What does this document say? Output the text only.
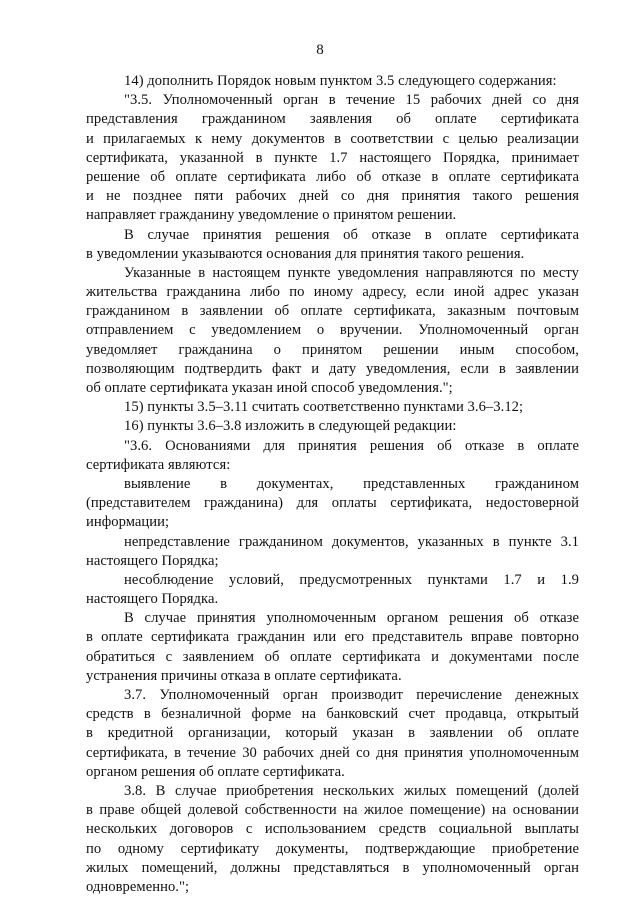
8
14) дополнить Порядок новым пунктом 3.5 следующего содержания:
"3.5. Уполномоченный орган в течение 15 рабочих дней со дня
представления гражданином заявления об оплате сертификата
и прилагаемых к нему документов в соответствии с целью реализации
сертификата, указанной в пункте 1.7 настоящего Порядка, принимает
решение об оплате сертификата либо об отказе в оплате сертификата
и не позднее пяти рабочих дней со дня принятия такого решения
направляет гражданину уведомление о принятом решении.
В случае принятия решения об отказе в оплате сертификата
в уведомлении указываются основания для принятия такого решения.
Указанные в настоящем пункте уведомления направляются по месту
жительства гражданина либо по иному адресу, если иной адрес указан
гражданином в заявлении об оплате сертификата, заказным почтовым
отправлением с уведомлением о вручении. Уполномоченный орган
уведомляет гражданина о принятом решении иным способом,
позволяющим подтвердить факт и дату уведомления, если в заявлении
об оплате сертификата указан иной способ уведомления.";
15) пункты 3.5–3.11 считать соответственно пунктами 3.6–3.12;
16) пункты 3.6–3.8 изложить в следующей редакции:
"3.6. Основаниями для принятия решения об отказе в оплате
сертификата являются:
выявление в документах, представленных гражданином
(представителем гражданина) для оплаты сертификата, недостоверной
информации;
непредставление гражданином документов, указанных в пункте 3.1
настоящего Порядка;
несоблюдение условий, предусмотренных пунктами 1.7 и 1.9
настоящего Порядка.
В случае принятия уполномоченным органом решения об отказе
в оплате сертификата гражданин или его представитель вправе повторно
обратиться с заявлением об оплате сертификата и документами после
устранения причины отказа в оплате сертификата.
3.7. Уполномоченный орган производит перечисление денежных
средств в безналичной форме на банковский счет продавца, открытый
в кредитной организации, который указан в заявлении об оплате
сертификата, в течение 30 рабочих дней со дня принятия уполномоченным
органом решения об оплате сертификата.
3.8. В случае приобретения нескольких жилых помещений (долей
в праве общей долевой собственности на жилое помещение) на основании
нескольких договоров с использованием средств социальной выплаты
по одному сертификату документы, подтверждающие приобретение
жилых помещений, должны представляться в уполномоченный орган
одновременно.";
